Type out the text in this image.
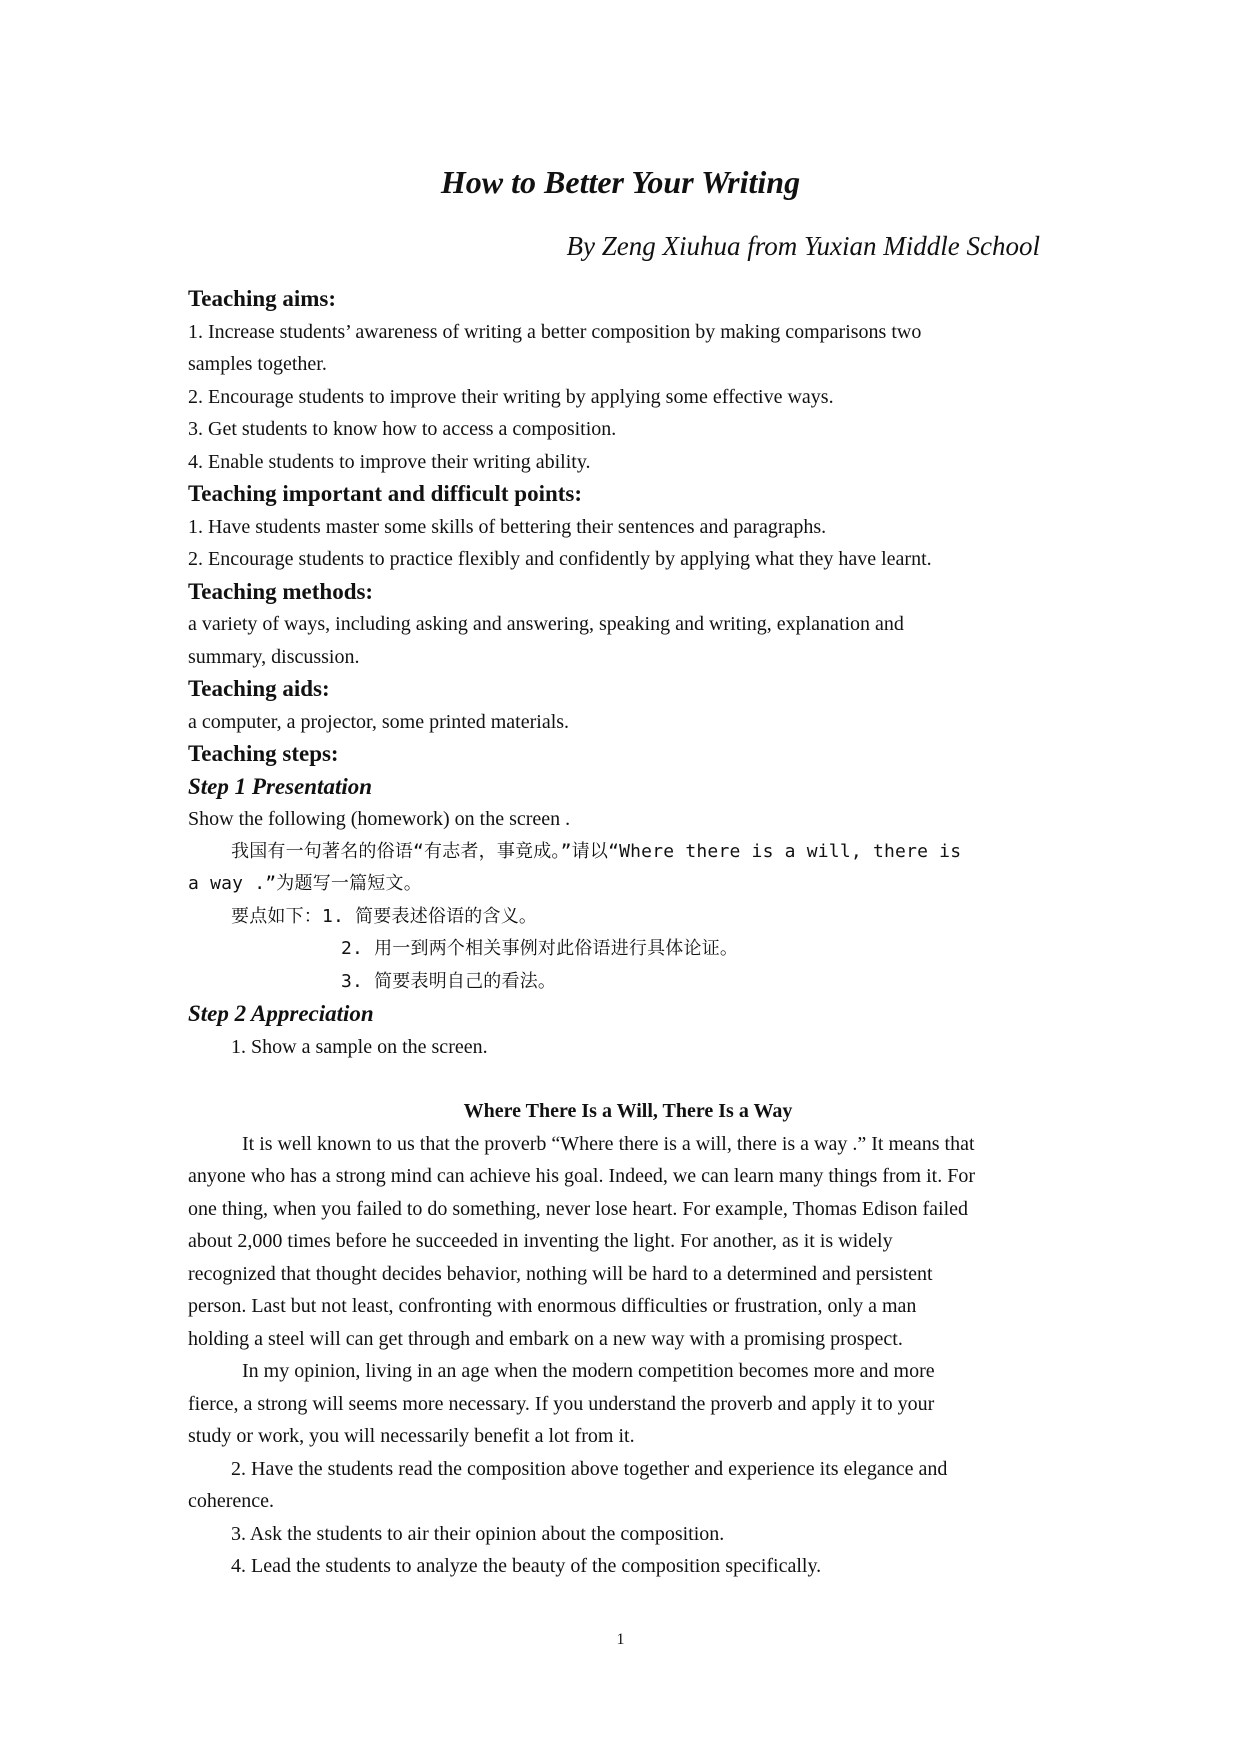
How to Better Your Writing

By Zeng Xiuhua from Yuxian Middle School

Teaching aims:

1. Increase students’ awareness of writing a better composition by making comparisons two

samples together.

2. Encourage students to improve their writing by applying some effective ways.

3. Get students to know how to access a composition.

4. Enable students to improve their writing ability.

Teaching important and difficult points:

1. Have students master some skills of bettering their sentences and paragraphs.

2. Encourage students to practice flexibly and confidently by applying what they have learnt.

Teaching methods:

a variety of ways, including asking and answering, speaking and writing, explanation and

summary, discussion.

Teaching aids:

a computer, a projector, some printed materials.

Teaching steps:

Step 1 Presentation

Show the following (homework) on the screen .

我国有一句著名的俗语“有志者，事竟成。”请以“Where there is a will, there is

a way .”为题写一篇短文。

要点如下：1. 简要表述俗语的含义。

2. 用一到两个相关事例对此俗语进行具体论证。

3. 简要表明自己的看法。

Step 2 Appreciation

1. Show a sample on the screen.

Where There Is a Will, There Is a Way

It is well known to us that the proverb “Where there is a will, there is a way .” It means that

anyone who has a strong mind can achieve his goal. Indeed, we can learn many things from it. For

one thing, when you failed to do something, never lose heart. For example, Thomas Edison failed

about 2,000 times before he succeeded in inventing the light. For another, as it is widely

recognized that thought decides behavior, nothing will be hard to a determined and persistent

person. Last but not least, confronting with enormous difficulties or frustration, only a man

holding a steel will can get through and embark on a new way with a promising prospect.

In my opinion, living in an age when the modern competition becomes more and more

fierce, a strong will seems more necessary. If you understand the proverb and apply it to your

study or work, you will necessarily benefit a lot from it.

2. Have the students read the composition above together and experience its elegance and

coherence.

3. Ask the students to air their opinion about the composition.

4. Lead the students to analyze the beauty of the composition specifically.

1
